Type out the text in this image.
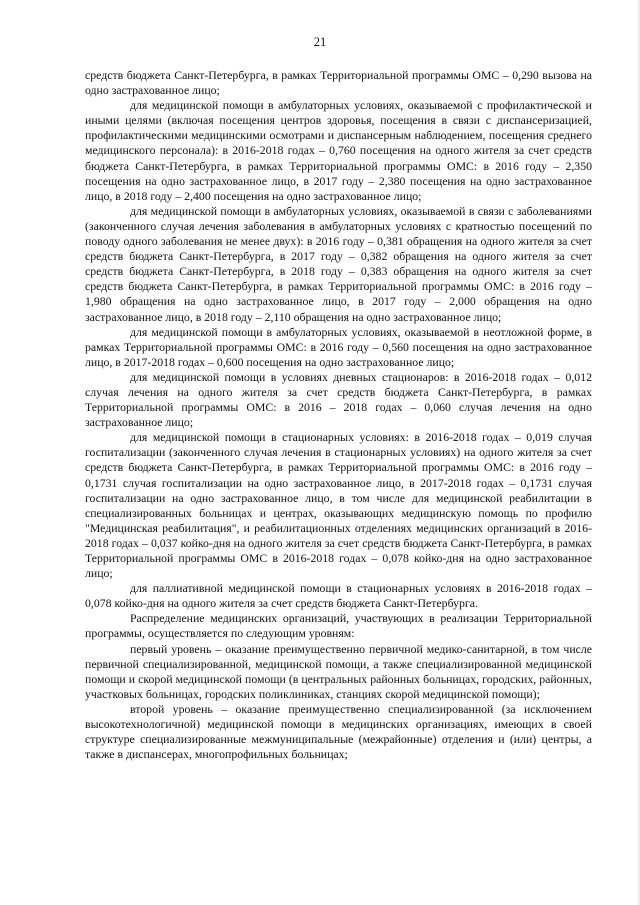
21

средств бюджета Санкт-Петербурга, в рамках Территориальной программы ОМС – 0,290 вызова на одно застрахованное лицо;

для медицинской помощи в амбулаторных условиях, оказываемой с профилактической и иными целями (включая посещения центров здоровья, посещения в связи с диспансеризацией, профилактическими медицинскими осмотрами и диспансерным наблюдением, посещения среднего медицинского персонала): в 2016-2018 годах – 0,760 посещения на одного жителя за счет средств бюджета Санкт-Петербурга, в рамках Территориальной программы ОМС: в 2016 году – 2,350 посещения на одно застрахованное лицо, в 2017 году – 2,380 посещения на одно застрахованное лицо, в 2018 году – 2,400 посещения на одно застрахованное лицо;

для медицинской помощи в амбулаторных условиях, оказываемой в связи с заболеваниями (законченного случая лечения заболевания в амбулаторных условиях с кратностью посещений по поводу одного заболевания не менее двух): в 2016 году – 0,381 обращения на одного жителя за счет средств бюджета Санкт-Петербурга, в 2017 году – 0,382 обращения на одного жителя за счет средств бюджета Санкт-Петербурга, в 2018 году – 0,383 обращения на одного жителя за счет средств бюджета Санкт-Петербурга, в рамках Территориальной программы ОМС: в 2016 году – 1,980 обращения на одно застрахованное лицо, в 2017 году – 2,000 обращения на одно застрахованное лицо, в 2018 году – 2,110 обращения на одно застрахованное лицо;

для медицинской помощи в амбулаторных условиях, оказываемой в неотложной форме, в рамках Территориальной программы ОМС: в 2016 году – 0,560 посещения на одно застрахованное лицо, в 2017-2018 годах – 0,600 посещения на одно застрахованное лицо;

для медицинской помощи в условиях дневных стационаров: в 2016-2018 годах – 0,012 случая лечения на одного жителя за счет средств бюджета Санкт-Петербурга, в рамках Территориальной программы ОМС: в 2016 – 2018 годах – 0,060 случая лечения на одно застрахованное лицо;

для медицинской помощи в стационарных условиях: в 2016-2018 годах – 0,019 случая госпитализации (законченного случая лечения в стационарных условиях) на одного жителя за счет средств бюджета Санкт-Петербурга, в рамках Территориальной программы ОМС: в 2016 году – 0,1731 случая госпитализации на одно застрахованное лицо, в 2017-2018 годах – 0,1731 случая госпитализации на одно застрахованное лицо, в том числе для медицинской реабилитации в специализированных больницах и центрах, оказывающих медицинскую помощь по профилю "Медицинская реабилитация", и реабилитационных отделениях медицинских организаций в 2016-2018 годах – 0,037 койко-дня на одного жителя за счет средств бюджета Санкт-Петербурга, в рамках Территориальной программы ОМС в 2016-2018 годах – 0,078 койко-дня на одно застрахованное лицо;

для паллиативной медицинской помощи в стационарных условиях в 2016-2018 годах – 0,078 койко-дня на одного жителя за счет средств бюджета Санкт-Петербурга.

Распределение медицинских организаций, участвующих в реализации Территориальной программы, осуществляется по следующим уровням:

первый уровень – оказание преимущественно первичной медико-санитарной, в том числе первичной специализированной, медицинской помощи, а также специализированной медицинской помощи и скорой медицинской помощи (в центральных районных больницах, городских, районных, участковых больницах, городских поликлиниках, станциях скорой медицинской помощи);

второй уровень – оказание преимущественно специализированной (за исключением высокотехнологичной) медицинской помощи в медицинских организациях, имеющих в своей структуре специализированные межмуниципальные (межрайонные) отделения и (или) центры, а также в диспансерах, многопрофильных больницах;
